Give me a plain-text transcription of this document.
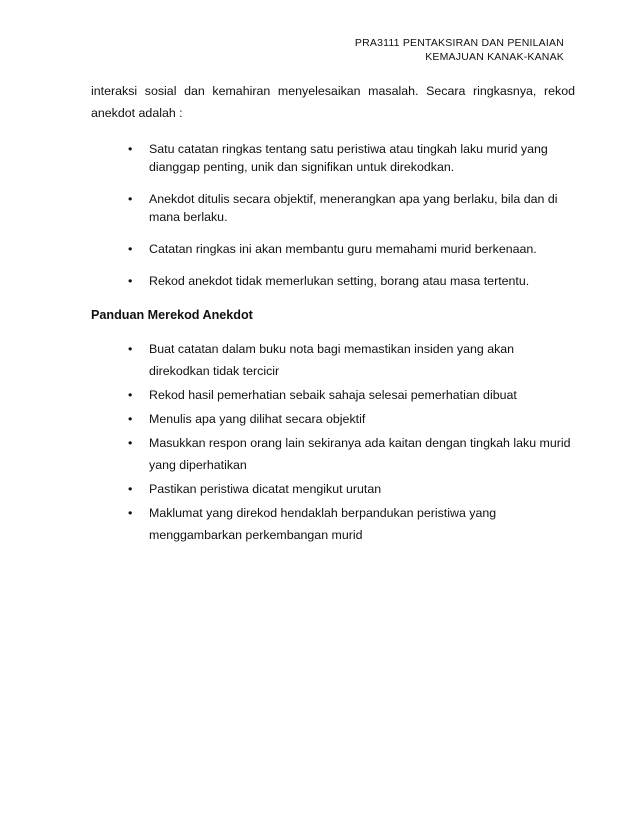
PRA3111 PENTAKSIRAN DAN PENILAIAN
KEMAJUAN KANAK-KANAK
interaksi sosial dan kemahiran menyelesaikan masalah. Secara ringkasnya, rekod anekdot adalah :
• Satu catatan ringkas tentang satu peristiwa atau tingkah laku murid yang dianggap penting, unik dan signifikan untuk direkodkan.
• Anekdot ditulis secara objektif, menerangkan apa yang berlaku, bila dan di mana berlaku.
• Catatan ringkas ini akan membantu guru memahami murid berkenaan.
• Rekod anekdot tidak memerlukan setting, borang atau masa tertentu.
Panduan Merekod Anekdot
• Buat catatan dalam buku nota bagi memastikan insiden yang akan direkodkan tidak tercicir
• Rekod hasil pemerhatian sebaik sahaja selesai pemerhatian dibuat
• Menulis apa yang dilihat secara objektif
• Masukkan respon orang lain sekiranya ada kaitan dengan tingkah laku murid yang diperhatikan
• Pastikan peristiwa dicatat mengikut urutan
• Maklumat yang direkod hendaklah berpandukan peristiwa yang menggambarkan perkembangan murid
